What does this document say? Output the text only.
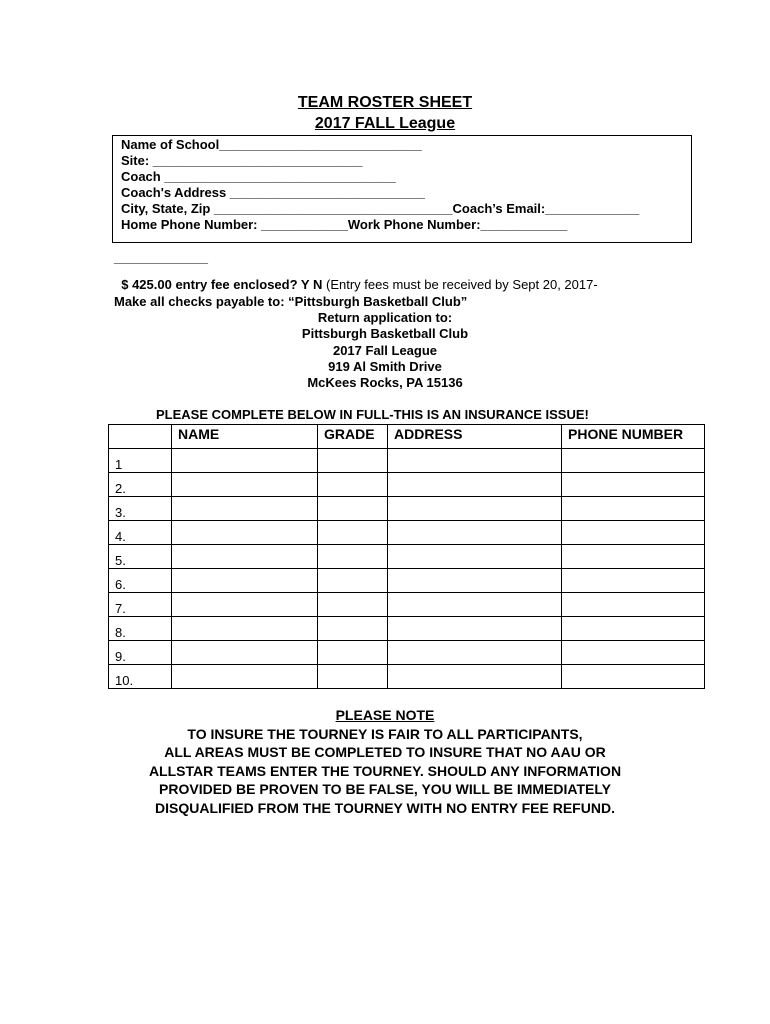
TEAM ROSTER SHEET
2017 FALL League
Name of School____________________________
Site: _____________________________
Coach ________________________________
Coach's Address ___________________________
City, State, Zip _________________________________Coach’s Email:_____________
Home Phone Number: ____________Work Phone Number:____________
_____________

$ 425.00 entry fee enclosed? Y N (Entry fees must be received by Sept 20, 2017-

Make all checks payable to: “Pittsburgh Basketball Club”
Return application to:
Pittsburgh Basketball Club
2017 Fall League
919 Al Smith Drive
McKees Rocks, PA 15136
PLEASE COMPLETE BELOW IN FULL-THIS IS AN INSURANCE ISSUE!
	NAME	GRADE	ADDRESS	PHONE NUMBER
1				
2.				
3.				
4.				
5.				
6.				
7.				
8.				
9.				
10.				
PLEASE NOTE
TO INSURE THE TOURNEY IS FAIR TO ALL PARTICIPANTS,
ALL AREAS MUST BE COMPLETED TO INSURE THAT NO AAU OR
ALLSTAR TEAMS ENTER THE TOURNEY. SHOULD ANY INFORMATION
PROVIDED BE PROVEN TO BE FALSE, YOU WILL BE IMMEDIATELY
DISQUALIFIED FROM THE TOURNEY WITH NO ENTRY FEE REFUND.
